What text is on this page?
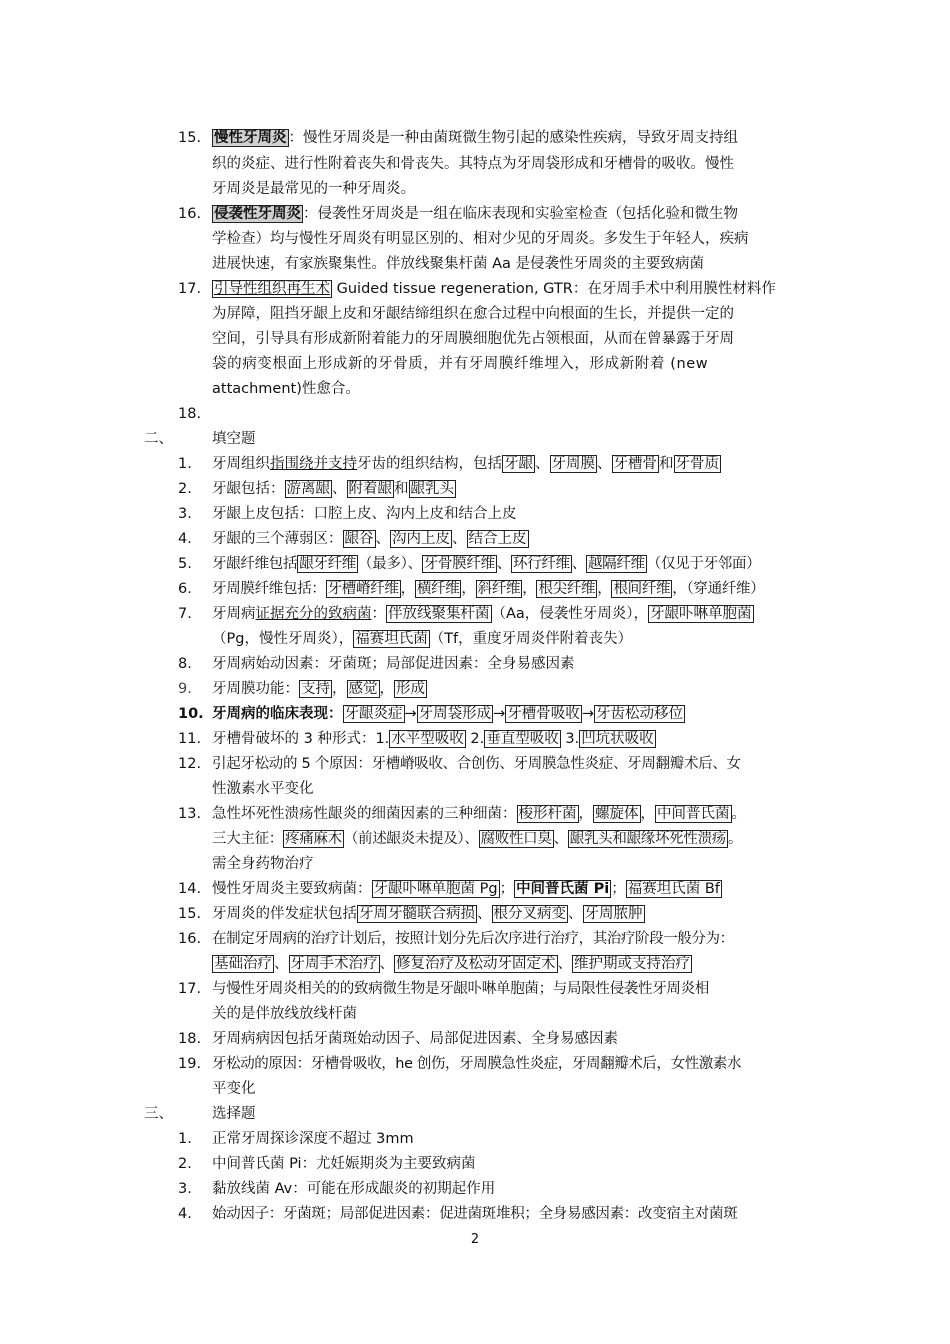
15. 慢性牙周炎 ：慢性牙周炎是一种由菌斑微生物引起的感染性疾病，导致牙周支持组
织的炎症、进行性附着丧失和骨丧失。其特点为牙周袋形成和牙槽骨的吸收。慢性
牙周炎是最常见的一种牙周炎。
16. 侵袭性牙周炎 ：侵袭性牙周炎是一组在临床表现和实验室检查（包括化验和微生物
学检查）均与慢性牙周炎有明显区别的、相对少见的牙周炎。多发生于年轻人，疾病
进展快速，有家族聚集性。伴放线聚集杆菌 Aa 是侵袭性牙周炎的主要致病菌
17. 引导性组织再生术 Guided tissue regeneration, GTR：在牙周手术中利用膜性材料作
为屏障，阻挡牙龈上皮和牙龈结缔组织在愈合过程中向根面的生长，并提供一定的
空间，引导具有形成新附着能力的牙周膜细胞优先占领根面，从而在曾暴露于牙周
袋的病变根面上形成新的牙骨质，并有牙周膜纤维埋入，形成新附着 (new
attachment)性愈合。
18.
二、	填空题
1.	牙周组织指围绕并支持牙齿的组织结构，包括 牙龈 、 牙周膜 、 牙槽骨 和 牙骨质
2.	牙龈包括： 游离龈 、 附着龈 和 龈乳头
3.	牙龈上皮包括：口腔上皮、沟内上皮和结合上皮
4.	牙龈的三个薄弱区： 龈谷 、 沟内上皮 、 结合上皮
5.	牙龈纤维包括 龈牙纤维 （最多）、 牙骨膜纤维 、 环行纤维 、 越隔纤维 （仅见于牙邻面）
6.	牙周膜纤维包括： 牙槽嵴纤维 ， 横纤维 ， 斜纤维 ， 根尖纤维 ， 根间纤维 ，（穿通纤维）
7.	牙周病证据充分的致病菌： 伴放线聚集杆菌 （Aa，侵袭性牙周炎）， 牙龈卟啉单胞菌
（Pg，慢性牙周炎）， 福赛坦氏菌 （Tf，重度牙周炎伴附着丧失）
8.	牙周病始动因素：牙菌斑；局部促进因素：全身易感因素
9.	牙周膜功能： 支持 ， 感觉 ， 形成
10. 牙周病的临床表现： 牙龈炎症 → 牙周袋形成 → 牙槽骨吸收 → 牙齿松动移位
11. 牙槽骨破坏的 3 种形式：1. 水平型吸收 2. 垂直型吸收 3. 凹坑状吸收
12. 引起牙松动的 5 个原因：牙槽嵴吸收、合创伤、牙周膜急性炎症、牙周翻瓣术后、女
性激素水平变化
13. 急性坏死性溃疡性龈炎的细菌因素的三种细菌： 梭形杆菌 ， 螺旋体 ， 中间普氏菌 。
三大主征： 疼痛麻木 （前述龈炎未提及）、 腐败性口臭 、 龈乳头和龈缘坏死性溃疡 。
需全身药物治疗
14. 慢性牙周炎主要致病菌： 牙龈卟啉单胞菌 Pg ； 中间普氏菌 Pi ； 福赛坦氏菌 Bf
15. 牙周炎的伴发症状包括 牙周牙髓联合病损 、 根分叉病变 、 牙周脓肿
16. 在制定牙周病的治疗计划后，按照计划分先后次序进行治疗，其治疗阶段一般分为：
基础治疗 、 牙周手术治疗 、 修复治疗及松动牙固定术 、 维护期或支持治疗
17. 与慢性牙周炎相关的的致病微生物是牙龈卟啉单胞菌；与局限性侵袭性牙周炎相
关的是伴放线放线杆菌
18. 牙周病病因包括牙菌斑始动因子、局部促进因素、全身易感因素
19. 牙松动的原因：牙槽骨吸收，he 创伤，牙周膜急性炎症，牙周翻瓣术后，女性激素水
平变化
三、	选择题
1.	正常牙周探诊深度不超过 3mm
2.	中间普氏菌 Pi：尤妊娠期炎为主要致病菌
3.	黏放线菌 Av：可能在形成龈炎的初期起作用
4.	始动因子：牙菌斑；局部促进因素：促进菌斑堆积；全身易感因素：改变宿主对菌斑
2
